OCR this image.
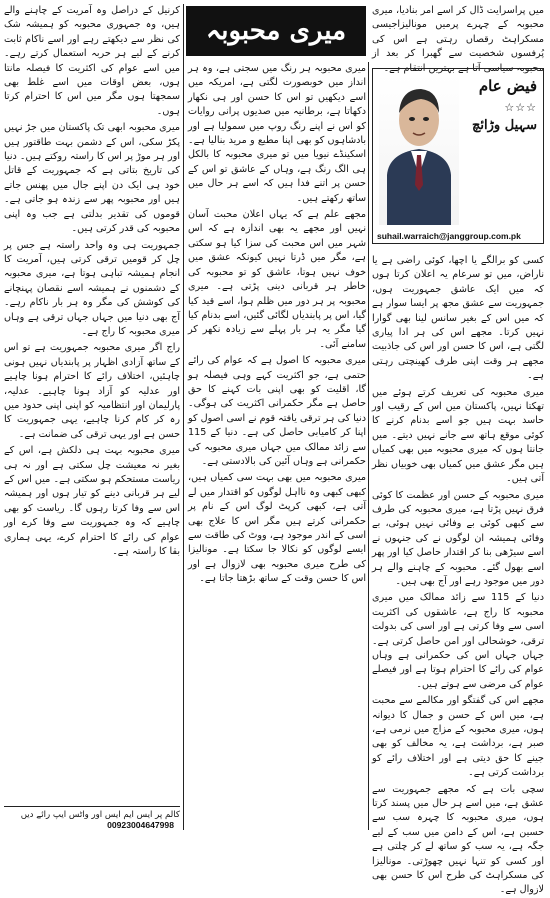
میری محبوبہ

کرنیل کے دراصل وہ آمریت کے چاہنے والے ہیں، وہ جمہوری محبوبہ کو ہمیشہ شک کی نظر سے دیکھتے رہے اور اسے ناکام ثابت کرنے کے لیے ہر حربہ استعمال کرتے رہے۔ میں اسے عوام کی اکثریت کا فیصلہ مانتا ہوں، بعض اوقات میں اسے غلط بھی سمجھتا ہوں مگر میں اس کا احترام کرتا ہوں۔

میری محبوبہ ابھی تک پاکستان میں جڑ نہیں پکڑ سکی، اس کے دشمن بہت طاقتور ہیں اور ہر موڑ پر اس کا راستہ روکتے ہیں۔ دنیا کی تاریخ بتاتی ہے کہ جمہوریت کے قاتل خود ہی ایک دن اپنے جال میں پھنس جاتے ہیں اور محبوبہ پھر سے زندہ ہو جاتی ہے۔ قوموں کی تقدیر بدلتی ہے جب وہ اپنی محبوبہ کی قدر کرتی ہیں۔

جمہوریت ہی وہ واحد راستہ ہے جس پر چل کر قومیں ترقی کرتی ہیں، آمریت کا انجام ہمیشہ تباہی ہوتا ہے، میری محبوبہ کے دشمنوں نے ہمیشہ اسے نقصان پہنچانے کی کوشش کی مگر وہ ہر بار ناکام رہے۔ آج بھی دنیا میں جہاں جہاں ترقی ہے وہاں میری محبوبہ کا راج ہے۔

راج اگر میری محبوبہ جمہوریت ہے تو اس کے ساتھ آزادی اظہار پر پابندیاں نہیں ہونی چاہئیں، اختلاف رائے کا احترام ہونا چاہیے اور عدلیہ کو آزاد ہونا چاہیے۔ عدلیہ، پارلیمان اور انتظامیہ کو اپنی اپنی حدود میں رہ کر کام کرنا چاہیے، یہی جمہوریت کا حسن ہے اور یہی ترقی کی ضمانت ہے۔

میری محبوبہ بہت ہی دلکش ہے، اس کے بغیر نہ معیشت چل سکتی ہے اور نہ ہی ریاست مستحکم ہو سکتی ہے۔ میں اس کے لیے ہر قربانی دینے کو تیار ہوں اور ہمیشہ اس سے وفا کرتا رہوں گا۔ ریاست کو بھی چاہیے کہ وہ جمہوریت سے وفا کرے اور عوام کی رائے کا احترام کرے، یہی ہماری بقا کا راستہ ہے۔

میری محبوبہ ہر رنگ میں سجتی ہے، وہ ہر انداز میں خوبصورت لگتی ہے، امریکہ میں اسے دیکھیں تو اس کا حسن اور ہی نکھار دکھاتا ہے، برطانیہ میں صدیوں پرانی روایات کو اس نے اپنے رنگ روپ میں سمولیا ہے اور بادشاہوں کو بھی اپنا مطیع و مرید بنالیا ہے۔ اسکینڈے نیویا میں تو میری محبوبہ کا بالکل ہی الگ رنگ ہے، وہاں کے عاشق تو اس کے حسن پر اتنے فدا ہیں کہ اسے ہر حال میں ساتھ رکھتے ہیں۔

مجھے علم ہے کہ یہاں اعلان محبت آسان نہیں اور مجھے یہ بھی اندازہ ہے کہ اس شہر میں اس محبت کی سزا کیا ہو سکتی ہے، مگر میں ڈرتا نہیں کیونکہ عشق میں خوف نہیں ہوتا، عاشق کو تو محبوبہ کی خاطر ہر قربانی دینی پڑتی ہے۔ میری محبوبہ پر ہر دور میں ظلم ہوا، اسے قید کیا گیا، اس پر پابندیاں لگائی گئیں، اسے بدنام کیا گیا مگر یہ ہر بار پہلے سے زیادہ نکھر کر سامنے آئی۔

میری محبوبہ کا اصول ہے کہ عوام کی رائے حتمی ہے، جو اکثریت کہے وہی فیصلہ ہو گا، اقلیت کو بھی اپنی بات کہنے کا حق حاصل ہے مگر حکمرانی اکثریت کی ہوگی۔ دنیا کی ہر ترقی یافتہ قوم نے اسی اصول کو اپنا کر کامیابی حاصل کی ہے۔ دنیا کے 115 سے زائد ممالک میں جہاں میری محبوبہ کی حکمرانی ہے وہاں آئین کی بالادستی ہے۔

میری محبوبہ میں بھی بہت سی کمیاں ہیں، کبھی کبھی وہ نااہل لوگوں کو اقتدار میں لے آتی ہے، کبھی کرپٹ لوگ اس کے نام پر حکمرانی کرتے ہیں مگر اس کا علاج بھی اسی کے اندر موجود ہے، ووٹ کی طاقت سے ایسے لوگوں کو نکالا جا سکتا ہے۔ مونالیزا کی طرح میری محبوبہ بھی لازوال ہے اور اس کا حسن وقت کے ساتھ بڑھتا جاتا ہے۔

میں پراسرایت ڈال کر اسے امر بنادیا، میری محبوبہ کے چہرے پرمیں مونالیزاجیسی مسکراہٹ رقصاں رہتی ہے اس کی پُرفسوں شخصیت سے گھبرا کر بعد از محبوبہ سیاسی آتا ہے بہترین انتقام ہے۔
فیض عام
☆☆☆
سہیل وڑائچ
suhail.warraich@janggroup.com.pk

کسی کو برالگے یا اچھا، کوئی راضی ہے یا ناراض، میں تو سرعام یہ اعلان کرتا ہوں کہ میں ایک عاشق جمہوریت ہوں، جمہوریت سے عشق مجھ پر ایسا سوار ہے کہ میں اس کے بغیر سانس لینا بھی گوارا نہیں کرتا۔ مجھے اس کی ہر ادا پیاری لگتی ہے، اس کا حسن اور اس کی جاذبیت مجھے ہر وقت اپنی طرف کھینچتی رہتی ہے۔

میری محبوبہ کی تعریف کرتے ہوئے میں تھکتا نہیں، پاکستان میں اس کے رقیب اور حاسد بہت ہیں جو اسے بدنام کرنے کا کوئی موقع ہاتھ سے جانے نہیں دیتے۔ میں جانتا ہوں کہ میری محبوبہ میں بھی کمیاں ہیں مگر عشق میں کمیاں بھی خوبیاں نظر آتی ہیں۔

میری محبوبہ کے حسن اور عظمت کا کوئی فرق نہیں پڑتا ہے، میری محبوبہ کی طرف سے کبھی کوئی بے وفائی نہیں ہوئی، بے وفائی ہمیشہ ان لوگوں نے کی جنہوں نے اسے سیڑھی بنا کر اقتدار حاصل کیا اور پھر اسے بھول گئے۔ محبوبہ کے چاہنے والے ہر دور میں موجود رہے اور آج بھی ہیں۔

دنیا کے 115 سے زائد ممالک میں میری محبوبہ کا راج ہے، عاشقوں کی اکثریت اسی سے وفا کرتی ہے اور اسی کی بدولت ترقی، خوشحالی اور امن حاصل کرتی ہے۔ جہاں جہاں اس کی حکمرانی ہے وہاں عوام کی رائے کا احترام ہوتا ہے اور فیصلے عوام کی مرضی سے ہوتے ہیں۔

مجھے اس کی گفتگو اور مکالمے سے محبت ہے، میں اس کے حسن و جمال کا دیوانہ ہوں، میری محبوبہ کے مزاج میں نرمی ہے، صبر ہے، برداشت ہے، یہ مخالف کو بھی جینے کا حق دیتی ہے اور اختلاف رائے کو برداشت کرتی ہے۔

سچی بات ہے کہ مجھے جمہوریت سے عشق ہے، میں اسے ہر حال میں پسند کرتا ہوں، میری محبوبہ کا چہرہ سب سے حسین ہے، اس کے دامن میں سب کے لیے جگہ ہے، یہ سب کو ساتھ لے کر چلتی ہے اور کسی کو تنہا نہیں چھوڑتی۔ مونالیزا کی مسکراہٹ کی طرح اس کا حسن بھی لازوال ہے۔

کالم پر ایس ایم ایس اور واٹس ایپ رائے دیں 00923004647998
